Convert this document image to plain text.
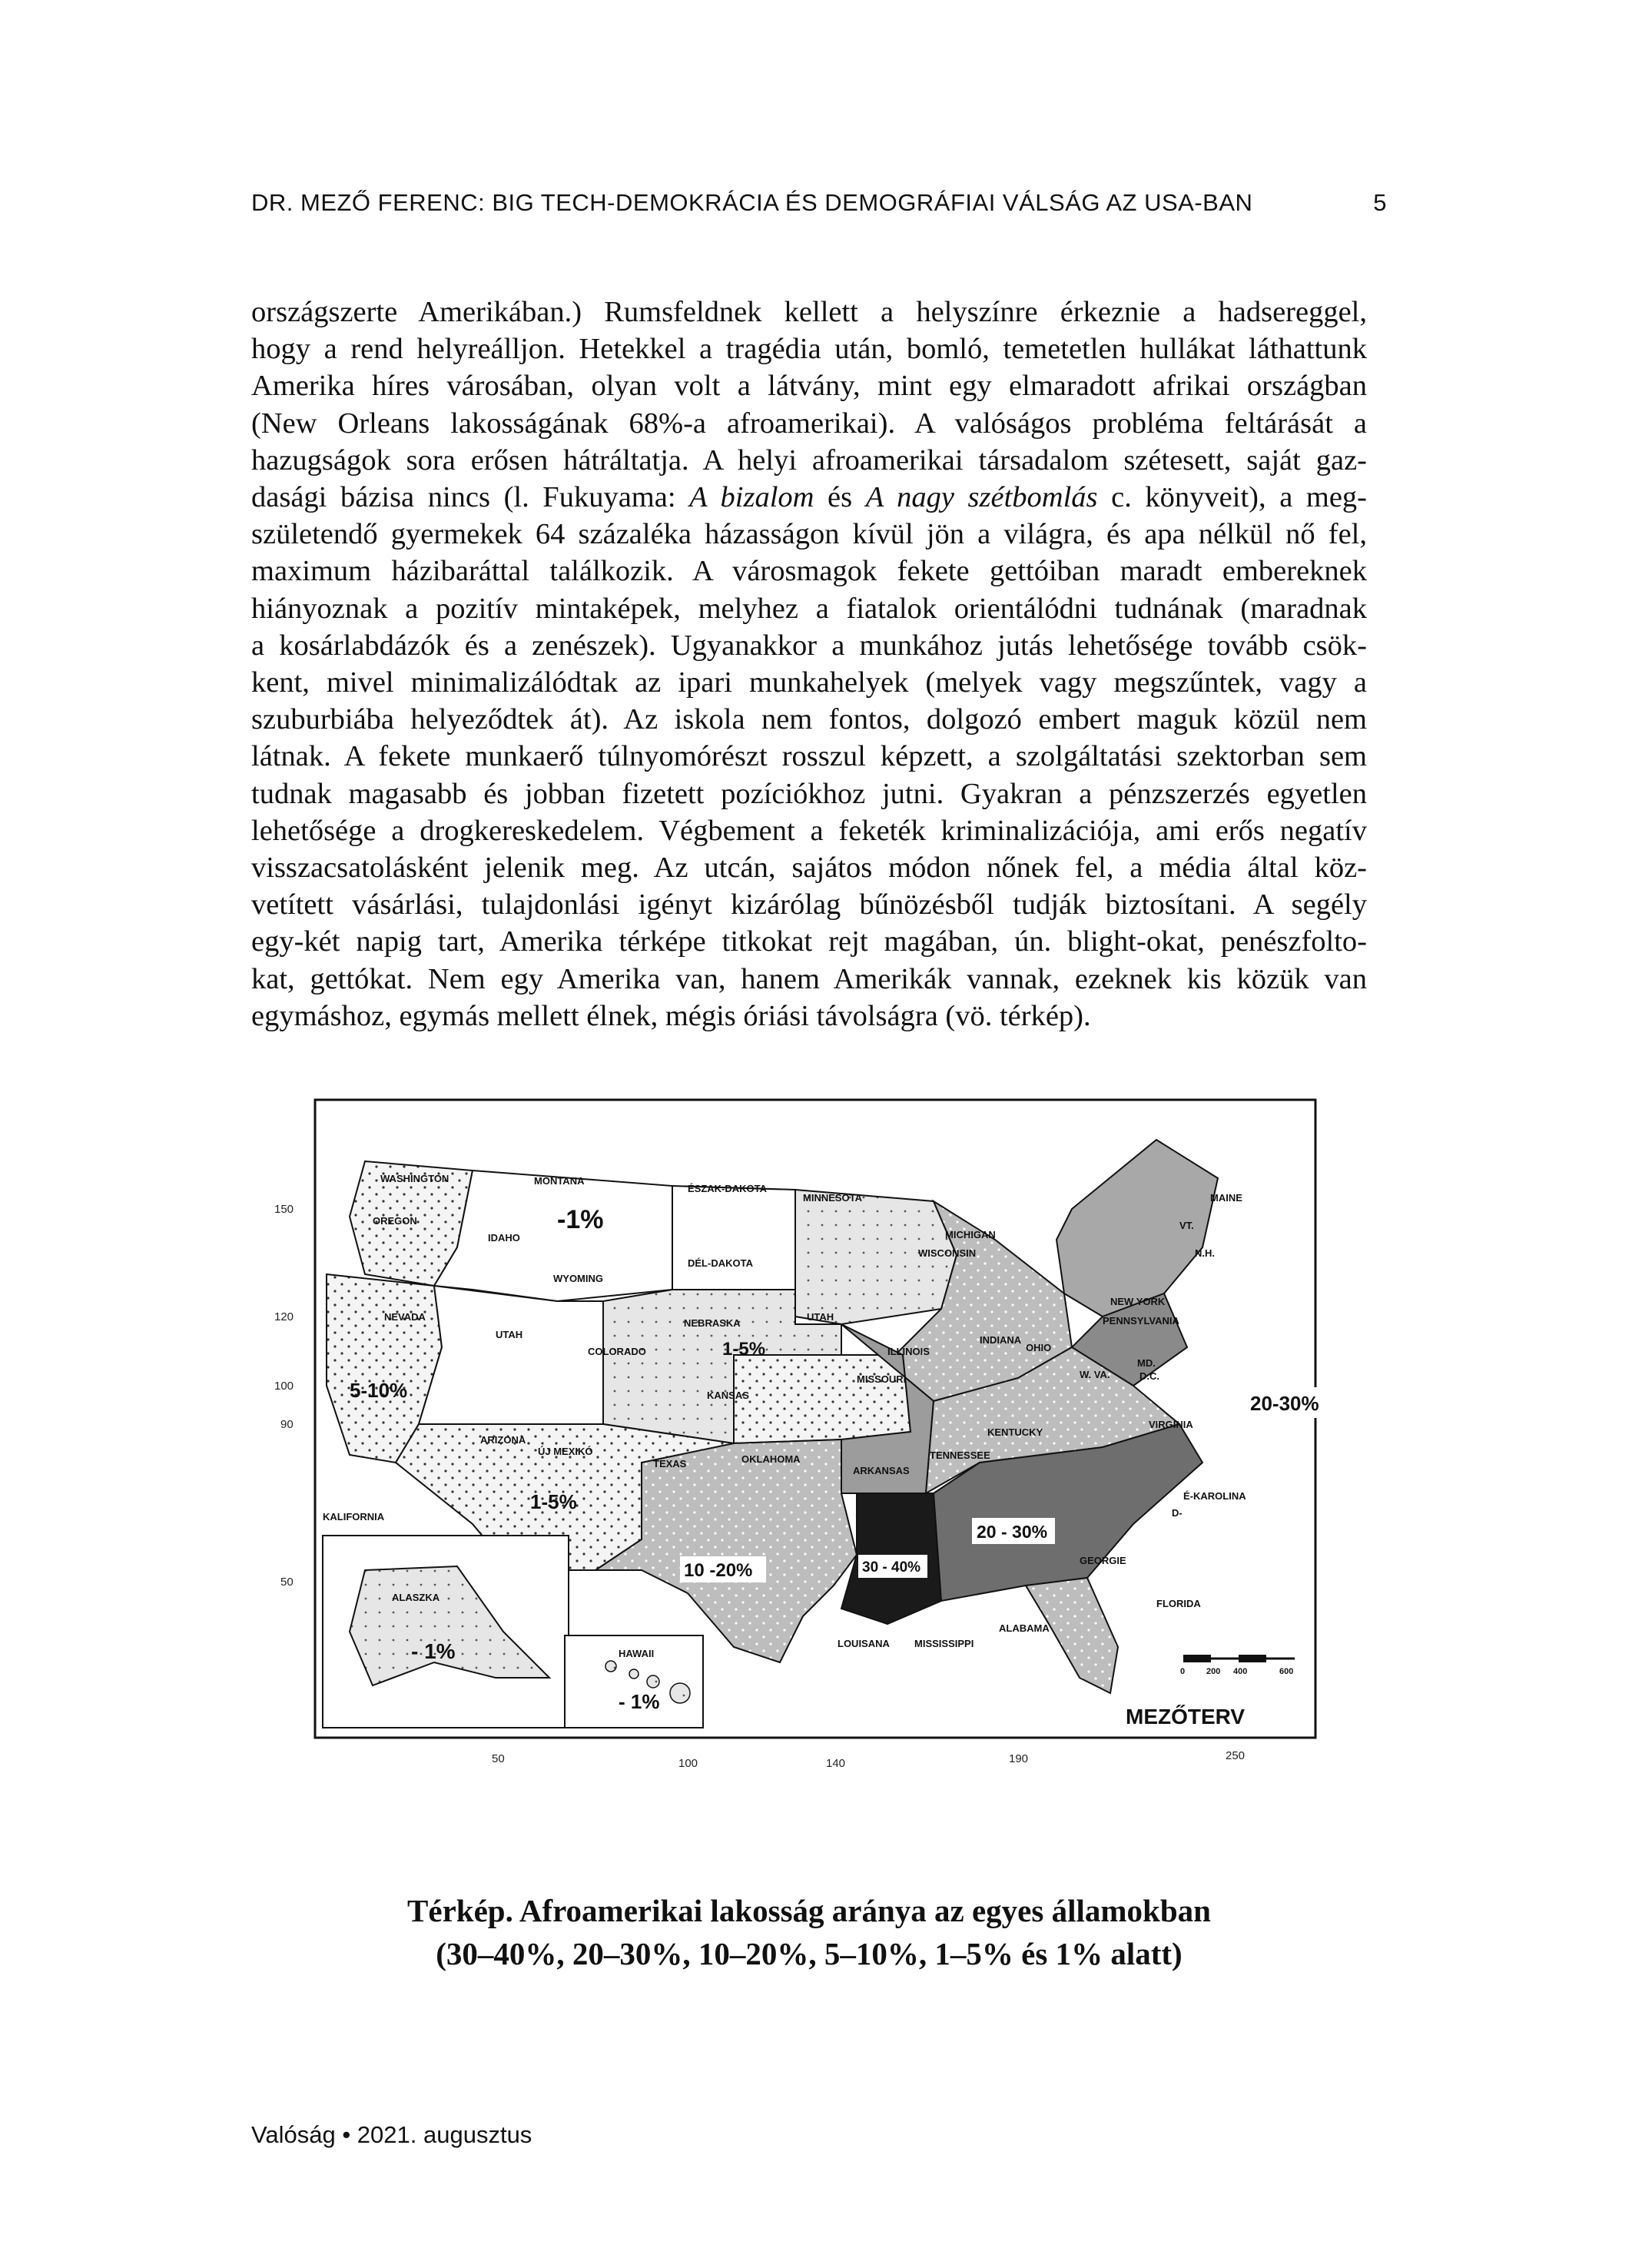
DR. MEZŐ FERENC: BIG TECH-DEMOKRÁCIA ÉS DEMOGRÁFIAI VÁLSÁG AZ USA-BAN	5
országszerte Amerikában.) Rumsfeldnek kellett a helyszínre érkeznie a hadsereggel,
hogy a rend helyreálljon. Hetekkel a tragédia után, bomló, temetetlen hullákat láthattunk
Amerika híres városában, olyan volt a látvány, mint egy elmaradott afrikai országban
(New Orleans lakosságának 68%-a afroamerikai). A valóságos probléma feltárását a
hazugságok sora erősen hátráltatja. A helyi afroamerikai társadalom szétesett, saját gaz-
dasági bázisa nincs (l. Fukuyama: A bizalom és A nagy szétbomlás c. könyveit), a meg-
születendő gyermekek 64 százaléka házasságon kívül jön a világra, és apa nélkül nő fel,
maximum házibaráttal találkozik. A városmagok fekete gettóiban maradt embereknek
hiányoznak a pozitív mintaképek, melyhez a fiatalok orientálódni tudnának (maradnak
a kosárlabdázók és a zenészek). Ugyanakkor a munkához jutás lehetősége tovább csök-
kent, mivel minimalizálódtak az ipari munkahelyek (melyek vagy megszűntek, vagy a
szuburbiába helyeződtek át). Az iskola nem fontos, dolgozó embert maguk közül nem
látnak. A fekete munkaerő túlnyomórészt rosszul képzett, a szolgáltatási szektorban sem
tudnak magasabb és jobban fizetett pozíciókhoz jutni. Gyakran a pénzszerzés egyetlen
lehetősége a drogkereskedelem. Végbement a feketék kriminalizációja, ami erős negatív
visszacsatolásként jelenik meg. Az utcán, sajátos módon nőnek fel, a média által köz-
vetített vásárlási, tulajdonlási igényt kizárólag bűnözésből tudják biztosítani. A segély
egy-két napig tart, Amerika térképe titkokat rejt magában, ún. blight-okat, penészfolto-
kat, gettókat. Nem egy Amerika van, hanem Amerikák vannak, ezeknek kis közük van
egymáshoz, egymás mellett élnek, mégis óriási távolságra (vö. térkép).
150
120
100
90
50
50	100	140	190	250
WASHINGTON	MONTANA
ÉSZAK-DAKOTA
MINNESOTA	MAINE
OREGON
IDAHO
WYOMING
DÉL-DAKOTA
WISCONSIN
MICHIGAN
VT.
N.H.
NEVADA
UTAH
COLORADO
NEBRASKA
UTAH
ILLINOIS
INDIANA
OHIO
NEW YORK
PENNSYLVANIA
KANSAS
MISSOURI	W. VA.
MD.
D.C.
KENTUCKY
VIRGINIA
ARIZONA
ÚJ MEXIKÓ
OKLAHOMA
TEXAS
ARKANSAS
TENNESSEE
É-KAROLINA
D-
KALIFORNIA
LOUISANA MISSISSIPPI
ALABAMA
GEORGIE
FLORIDA
ALASZKA
HAWAII
-1%
1-5%
5-10%
20-30%
1-5%
10 -20%	30 - 40%
20 - 30%
- 1%
- 1%
0	200 400	600
MEZŐTERV
Térkép. Afroamerikai lakosság aránya az egyes államokban
(30–40%, 20–30%, 10–20%, 5–10%, 1–5% és 1% alatt)
Valóság • 2021. augusztus
